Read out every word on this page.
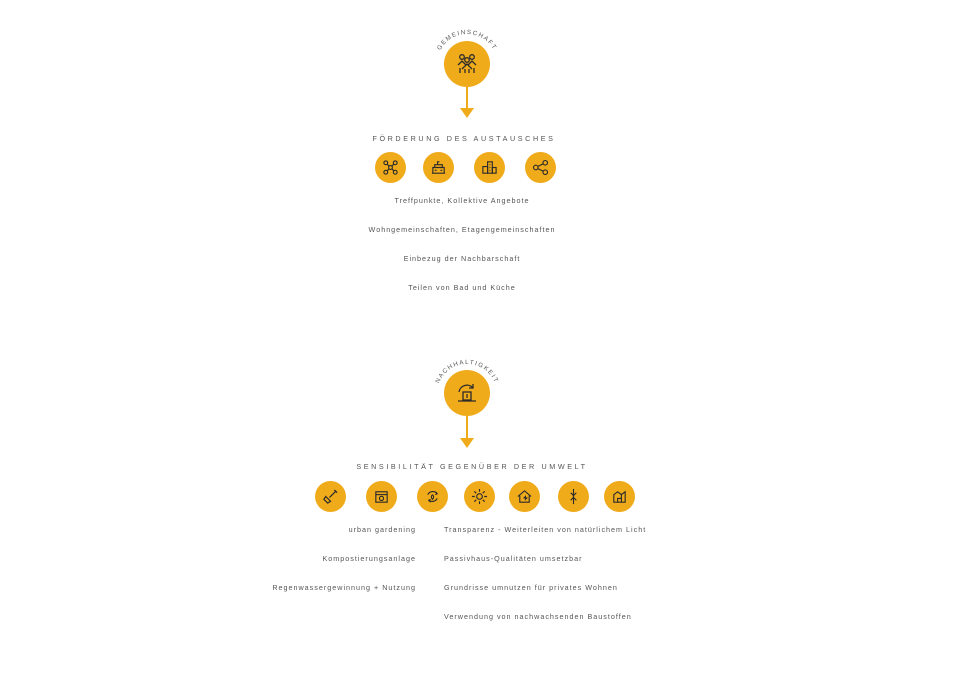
GEMEINSCHAFT
FÖRDERUNG DES AUSTAUSCHES
Treffpunkte, Kollektive Angebote
Wohngemeinschaften, Etagengemeinschaften
Einbezug der Nachbarschaft
Teilen von Bad und Küche
NACHHALTIGKEIT
SENSIBILITÄT GEGENÜBER DER UMWELT
urban gardening
Kompostierungsanlage
Regenwassergewinnung + Nutzung
Transparenz - Weiterleiten von natürlichem Licht
Passivhaus-Qualitäten umsetzbar
Grundrisse umnutzen für privates Wohnen
Verwendung von nachwachsenden Baustoffen
